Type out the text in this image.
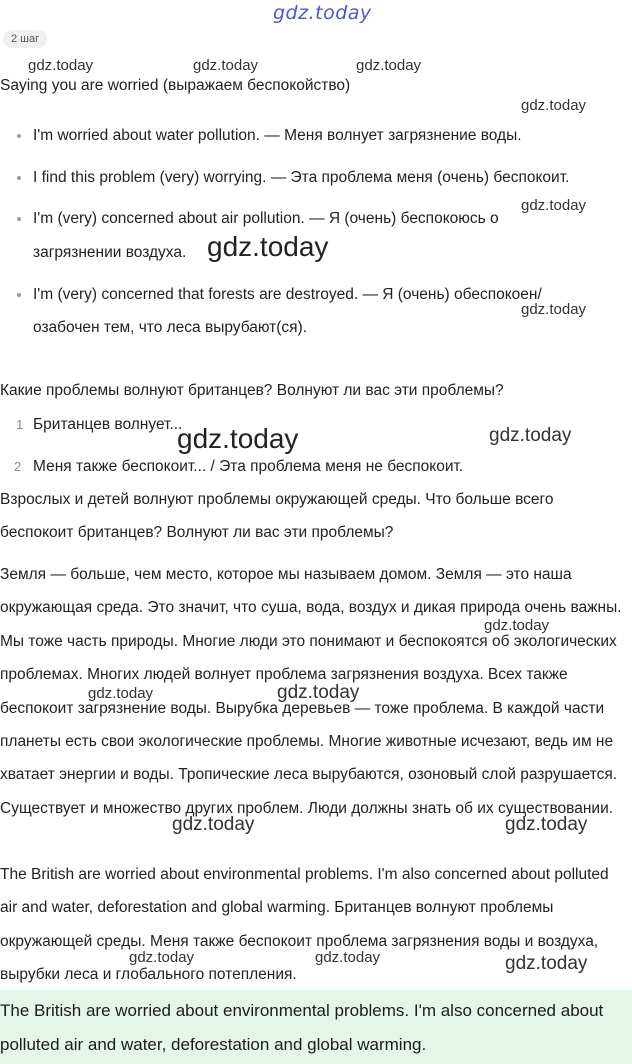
gdz.today
2 шаг
Saying you are worried (выражаем беспокойство)
I'm worried about water pollution. — Меня волнует загрязнение воды.
I find this problem (very) worrying. — Эта проблема меня (очень) беспокоит.
I'm (very) concerned about air pollution. — Я (очень) беспокоюсь о
загрязнении воздуха.
I'm (very) concerned that forests are destroyed. — Я (очень) обеспокоен/
озабочен тем, что леса вырубают(ся).
Какие проблемы волнуют британцев? Волнуют ли вас эти проблемы?
1 Британцев волнует...
2 Меня также беспокоит... / Эта проблема меня не беспокоит.
Взрослых и детей волнуют проблемы окружающей среды. Что больше всего беспокоит британцев? Волнуют ли вас эти проблемы?
Земля — больше, чем место, которое мы называем домом. Земля — это наша окружающая среда. Это значит, что суша, вода, воздух и дикая природа очень важны. Мы тоже часть природы. Многие люди это понимают и беспокоятся об экологических проблемах. Многих людей волнует проблема загрязнения воздуха. Всех также беспокоит загрязнение воды. Вырубка деревьев — тоже проблема. В каждой части планеты есть свои экологические проблемы. Многие животные исчезают, ведь им не хватает энергии и воды. Тропические леса вырубаются, озоновый слой разрушается. Существует и множество других проблем. Люди должны знать об их существовании.
The British are worried about environmental problems. I'm also concerned about polluted air and water, deforestation and global warming. Британцев волнуют проблемы окружающей среды. Меня также беспокоит проблема загрязнения воды и воздуха, вырубки леса и глобального потепления.
The British are worried about environmental problems. I'm also concerned about polluted air and water, deforestation and global warming.
gdz.today	gdz.today	gdz.today
gdz.today
gdz.today
gdz.today
gdz.today
gdz.today	gdz.today
gdz.today
gdz.today	gdz.today
gdz.today	gdz.today
gdz.today	gdz.today	gdz.today
